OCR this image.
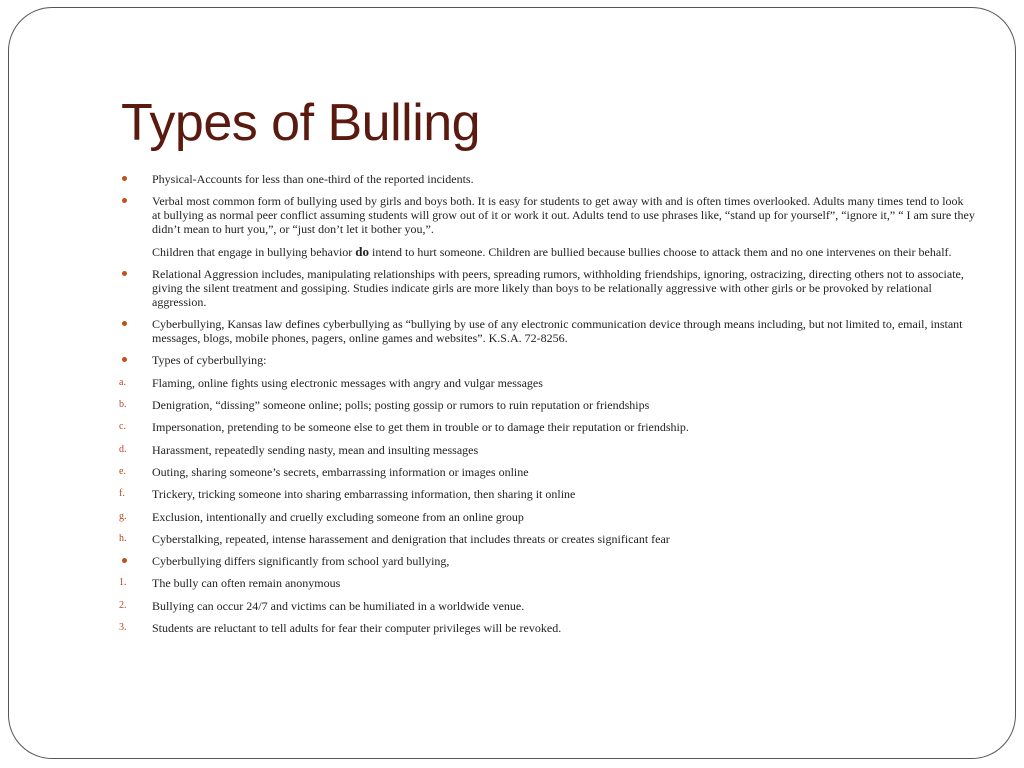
Types of Bulling
Physical-Accounts for less than one-third of the reported incidents.
Verbal most common form of bullying used by girls and boys both. It is easy for students to get away with and is often times overlooked. Adults many times tend to look at bullying as normal peer conflict assuming students will grow out of it or work it out. Adults tend to use phrases like, “stand up for yourself”, “ignore it,” “ I am sure they didn’t mean to hurt you,”, or “just don’t let it bother you,”.
Children that engage in bullying behavior do intend to hurt someone. Children are bullied because bullies choose to attack them and no one intervenes on their behalf.
Relational Aggression includes, manipulating relationships with peers, spreading rumors, withholding friendships, ignoring, ostracizing, directing others not to associate, giving the silent treatment and gossiping. Studies indicate girls are more likely than boys to be relationally aggressive with other girls or be provoked by relational aggression.
Cyberbullying, Kansas law defines cyberbullying as “bullying by use of any electronic communication device through means including, but not limited to, email, instant messages, blogs, mobile phones, pagers, online games and websites”. K.S.A. 72-8256.
Types of cyberbullying:
a. Flaming, online fights using electronic messages with angry and vulgar messages
b. Denigration, “dissing” someone online; polls; posting gossip or rumors to ruin reputation or friendships
c. Impersonation, pretending to be someone else to get them in trouble or to damage their reputation or friendship.
d. Harassment, repeatedly sending nasty, mean and insulting messages
e. Outing, sharing someone’s secrets, embarrassing information or images online
f. Trickery, tricking someone into sharing embarrassing information, then sharing it online
g. Exclusion, intentionally and cruelly excluding someone from an online group
h. Cyberstalking, repeated, intense harassement and denigration that includes threats or creates significant fear
Cyberbullying differs significantly from school yard bullying,
1. The bully can often remain anonymous
2. Bullying can occur 24/7 and victims can be humiliated in a worldwide venue.
3. Students are reluctant to tell adults for fear their computer privileges will be revoked.
